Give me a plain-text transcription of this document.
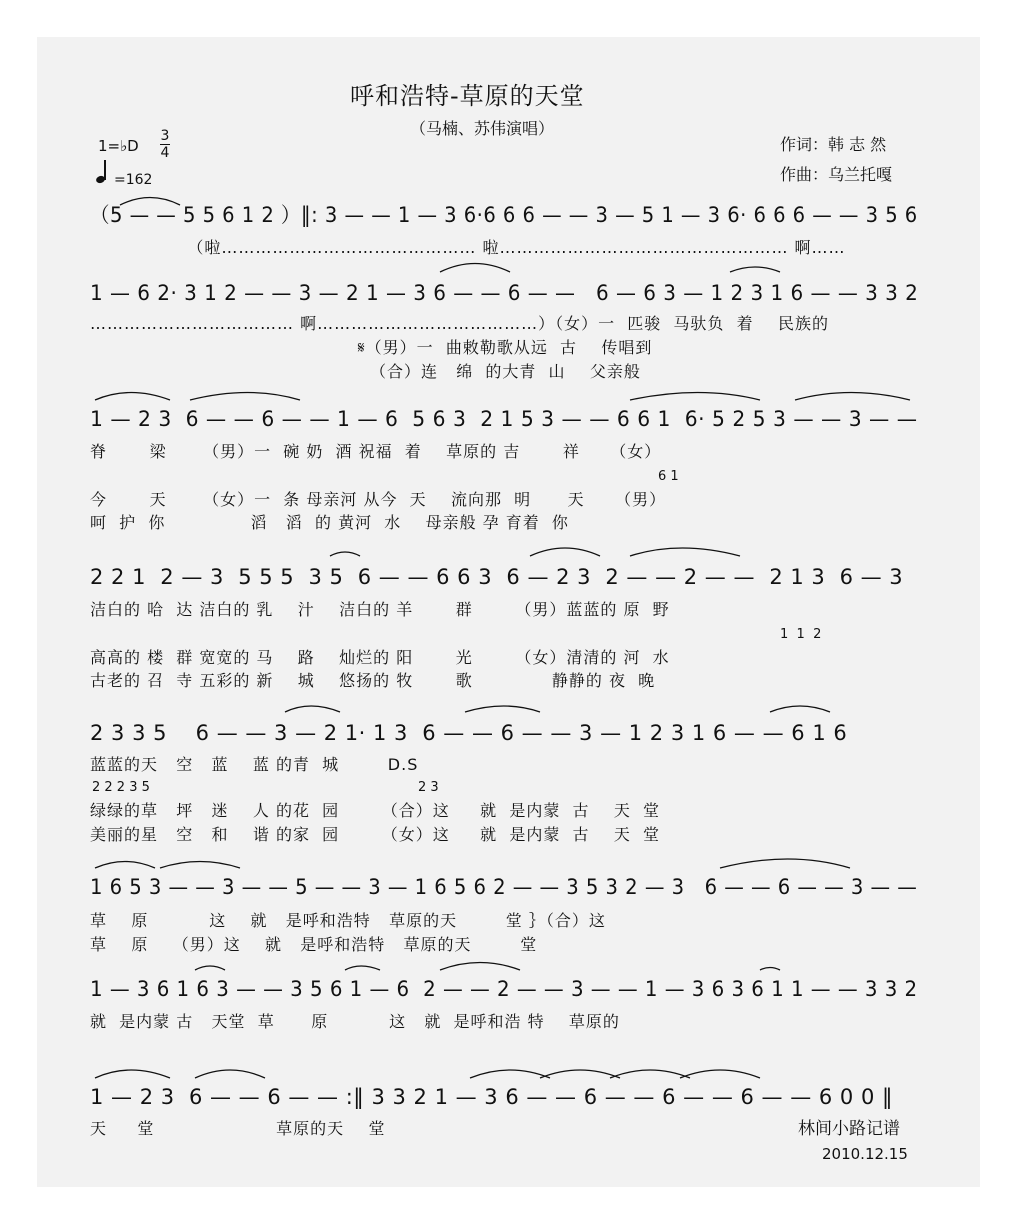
呼和浩特-草原的天堂
（马楠、苏伟演唱）
作词：韩 志 然
作曲：乌兰托嘎
1=♭D
3
4
=162
（5 — — 5 5 6 1 2 ）‖: 3 — — 1 — 3 6·6 6 6 — — 3 — 5 1 — 3 6· 6 6 6 — — 3 5 6
（啦……………………………………… 啦…………………………………………… 啊……
1 — 6 2· 3 1 2 — — 3 — 2 1 — 3 6 — — 6 — —   6 — 6 3 — 1 2 3 1 6 — — 3 3 2
……………………………… 啊…………………………………）（女）一  匹骏  马驮负  着    民族的
𝄋（男）一  曲敕勒歌从远  古    传唱到
（合）连   绵  的大青  山    父亲般
1 — 2 3  6 — — 6 — — 1 — 6  5 6 3  2 1 5 3 — — 6 6 1  6· 5 2 5 3 — — 3 — —
脊       梁      （男）一  碗 奶  酒 祝福  着    草原的 吉       祥     （女）
6 1
今       天      （女）一  条 母亲河 从今  天    流向那  明      天     （男）
呵  护  你              滔   滔  的 黄河  水    母亲般 孕 育着  你
2 2 1  2 — 3  5 5 5  3 5  6 — — 6 6 3  6 — 2 3  2 — — 2 — —  2 1 3  6 — 3
洁白的 哈  达 洁白的 乳    汁    洁白的 羊       群       （男）蓝蓝的 原  野
1  1  2
高高的 楼  群 宽宽的 马    路    灿烂的 阳       光       （女）清清的 河  水
古老的 召  寺 五彩的 新    城    悠扬的 牧       歌             静静的 夜  晚
2 3 3 5    6 — — 3 — 2 1· 1 3  6 — — 6 — — 3 — 1 2 3 1 6 — — 6 1 6
蓝蓝的天   空   蓝    蓝 的青  城        D.S
2 2 2 3 5	2 3
绿绿的草   坪   迷    人 的花  园       （合）这     就  是内蒙  古    天  堂
美丽的星   空   和    谐 的家  园       （女）这     就  是内蒙  古    天  堂
1 6 5 3 — — 3 — — 5 — — 3 — 1 6 5 6 2 — — 3 5 3 2 — 3   6 — — 6 — — 3 — —
草    原          这    就   是呼和浩特   草原的天        堂 ｝（合）这
草    原    （男）这    就   是呼和浩特   草原的天        堂
1 — 3 6 1 6 3 — — 3 5 6 1 — 6  2 — — 2 — — 3 — — 1 — 3 6 3 6 1 1 — — 3 3 2
就  是内蒙 古   天堂  草      原          这   就  是呼和浩 特    草原的
1 — 2 3  6 — — 6 — — :‖ 3 3 2 1 — 3 6 — — 6 — — 6 — — 6 — — 6 0 0 ‖
天     堂                    草原的天    堂	林间小路记谱
2010.12.15
